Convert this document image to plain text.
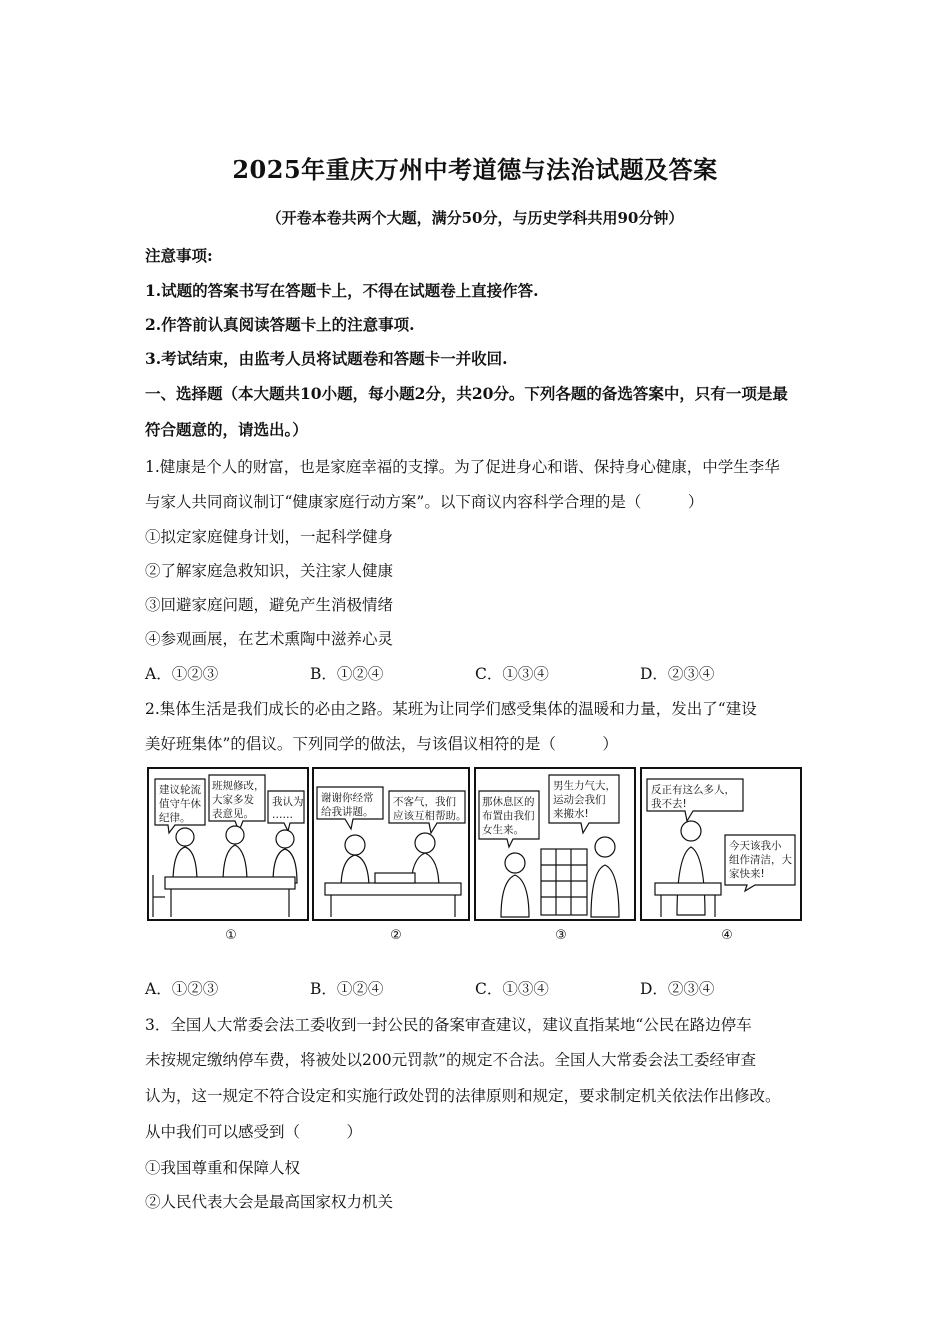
2025年重庆万州中考道德与法治试题及答案
（开卷本卷共两个大题，满分50分，与历史学科共用90分钟）
注意事项:
1.试题的答案书写在答题卡上，不得在试题卷上直接作答.
2.作答前认真阅读答题卡上的注意事项.
3.考试结束，由监考人员将试题卷和答题卡一并收回.
一、选择题（本大题共10小题，每小题2分，共20分。下列各题的备选答案中，只有一项是最
符合题意的，请选出。）
1.健康是个人的财富，也是家庭幸福的支撑。为了促进身心和谐、保持身心健康，中学生李华
与家人共同商议制订“健康家庭行动方案”。以下商议内容科学合理的是（　　　）
①拟定家庭健身计划，一起科学健身
②了解家庭急救知识，关注家人健康
③回避家庭问题，避免产生消极情绪
④参观画展，在艺术熏陶中滋养心灵
A．①②③	B．①②④	C．①③④	D．②③④
2.集体生活是我们成长的必由之路。某班为让同学们感受集体的温暖和力量，发出了“建设
美好班集体”的倡议。下列同学的做法，与该倡议相符的是（　　　）
建议轮流 值守午休 纪律。 班规修改， 大家多发 表意见。 我认为 ……
谢谢你经常 给我讲题。 不客气，我们 应该互相帮助。
那休息区的 布置由我们 女生来。 男生力气大， 运动会我们 来搬水!
反正有这么多人， 我不去! 今天该我小 组作清洁，大 家快来!
①	②	③	④
A．①②③	B．①②④	C．①③④	D．②③④
3．全国人大常委会法工委收到一封公民的备案审查建议，建议直指某地“公民在路边停车
未按规定缴纳停车费，将被处以200元罚款”的规定不合法。全国人大常委会法工委经审查
认为，这一规定不符合设定和实施行政处罚的法律原则和规定，要求制定机关依法作出修改。
从中我们可以感受到（　　　）
①我国尊重和保障人权
②人民代表大会是最高国家权力机关
